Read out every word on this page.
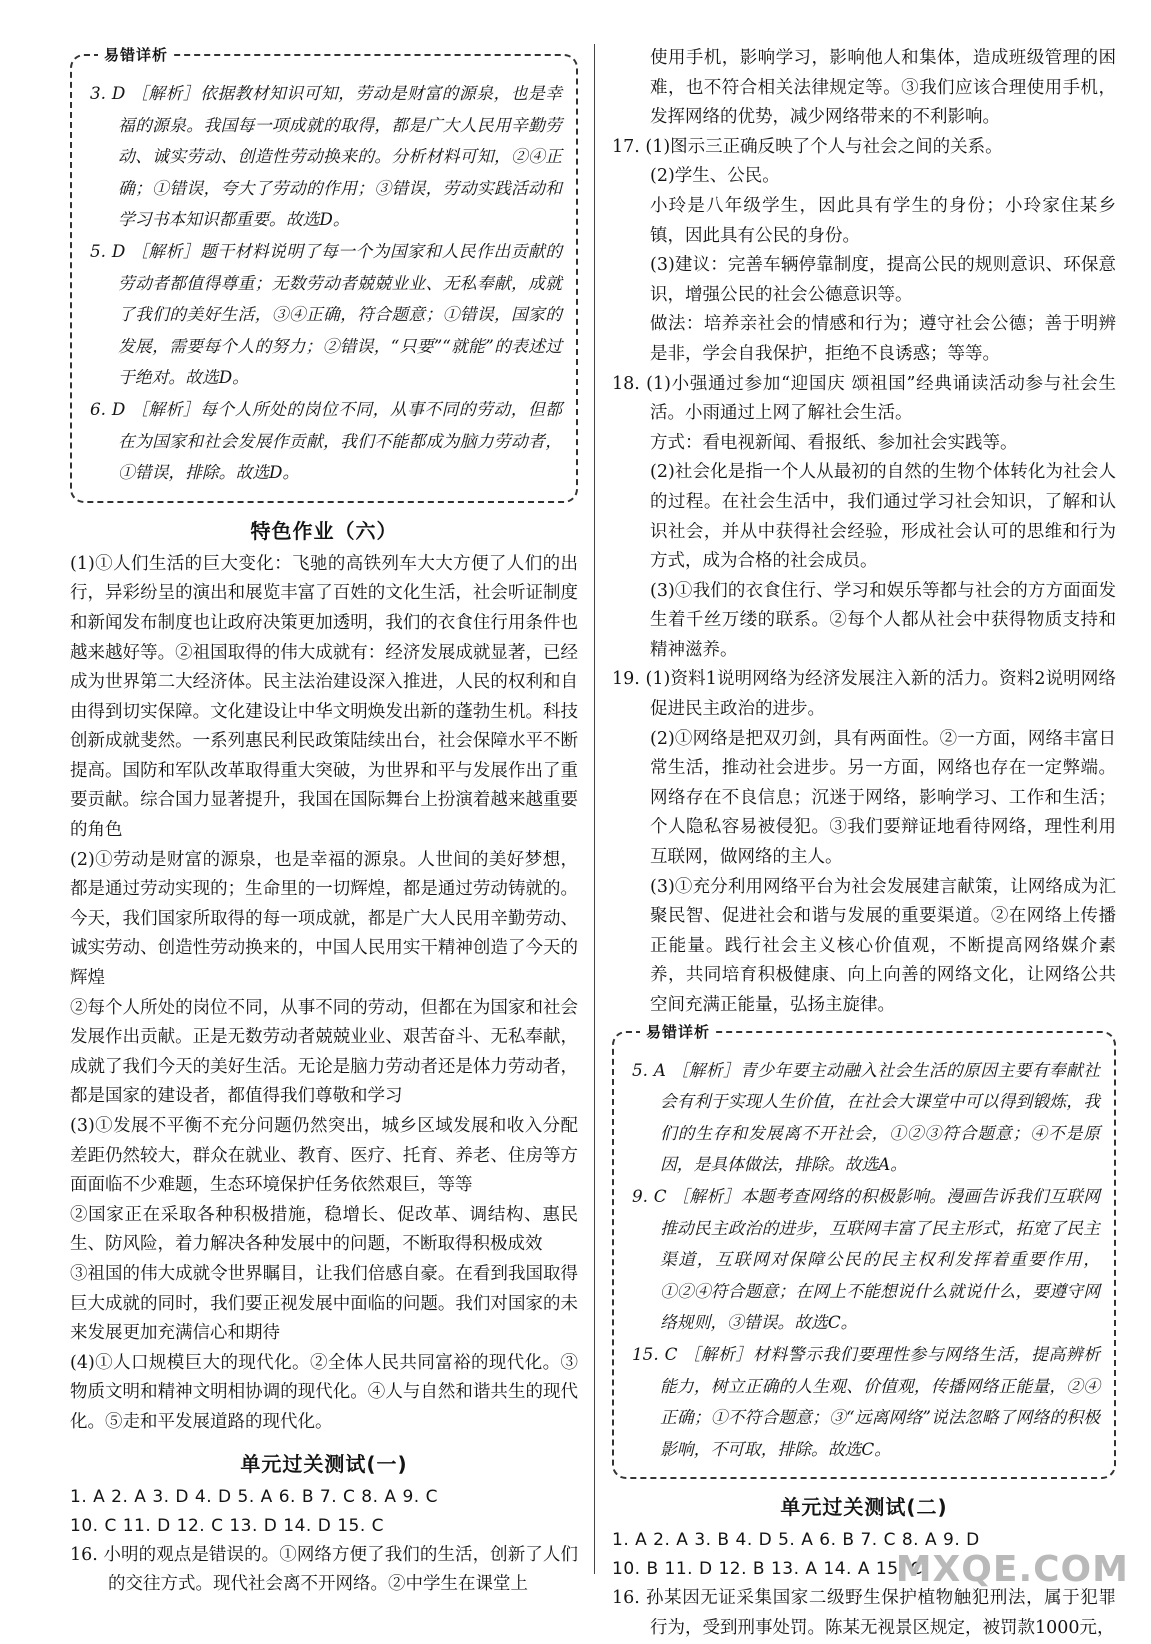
易错详析

3. D ［解析］依据教材知识可知，劳动是财富的源泉，也是幸福的源泉。我国每一项成就的取得，都是广大人民用辛勤劳动、诚实劳动、创造性劳动换来的。分析材料可知，②④正确；①错误，夸大了劳动的作用；③错误，劳动实践活动和学习书本知识都重要。故选D。

5. D ［解析］题干材料说明了每一个为国家和人民作出贡献的劳动者都值得尊重；无数劳动者兢兢业业、无私奉献，成就了我们的美好生活，③④正确，符合题意；①错误，国家的发展，需要每个人的努力；②错误，“只要”“就能”的表述过于绝对。故选D。

6. D ［解析］每个人所处的岗位不同，从事不同的劳动，但都在为国家和社会发展作贡献，我们不能都成为脑力劳动者，①错误，排除。故选D。

特色作业（六）

(1)①人们生活的巨大变化：飞驰的高铁列车大大方便了人们的出行，异彩纷呈的演出和展览丰富了百姓的文化生活，社会听证制度和新闻发布制度也让政府决策更加透明，我们的衣食住行用条件也越来越好等。②祖国取得的伟大成就有：经济发展成就显著，已经成为世界第二大经济体。民主法治建设深入推进，人民的权利和自由得到切实保障。文化建设让中华文明焕发出新的蓬勃生机。科技创新成就斐然。一系列惠民利民政策陆续出台，社会保障水平不断提高。国防和军队改革取得重大突破，为世界和平与发展作出了重要贡献。综合国力显著提升，我国在国际舞台上扮演着越来越重要的角色

(2)①劳动是财富的源泉，也是幸福的源泉。人世间的美好梦想，都是通过劳动实现的；生命里的一切辉煌，都是通过劳动铸就的。今天，我们国家所取得的每一项成就，都是广大人民用辛勤劳动、诚实劳动、创造性劳动换来的，中国人民用实干精神创造了今天的辉煌

②每个人所处的岗位不同，从事不同的劳动，但都在为国家和社会发展作出贡献。正是无数劳动者兢兢业业、艰苦奋斗、无私奉献，成就了我们今天的美好生活。无论是脑力劳动者还是体力劳动者，都是国家的建设者，都值得我们尊敬和学习

(3)①发展不平衡不充分问题仍然突出，城乡区域发展和收入分配差距仍然较大，群众在就业、教育、医疗、托育、养老、住房等方面面临不少难题，生态环境保护任务依然艰巨，等等

②国家正在采取各种积极措施，稳增长、促改革、调结构、惠民生、防风险，着力解决各种发展中的问题，不断取得积极成效

③祖国的伟大成就令世界瞩目，让我们倍感自豪。在看到我国取得巨大成就的同时，我们要正视发展中面临的问题。我们对国家的未来发展更加充满信心和期待

(4)①人口规模巨大的现代化。②全体人民共同富裕的现代化。③物质文明和精神文明相协调的现代化。④人与自然和谐共生的现代化。⑤走和平发展道路的现代化。

单元过关测试(一)

1. A 2. A 3. D 4. D 5. A 6. B 7. C 8. A 9. C

10. C 11. D 12. C 13. D 14. D 15. C

16. 小明的观点是错误的。①网络方便了我们的生活，创新了人们的交往方式。现代社会离不开网络。②中学生在课堂上

使用手机，影响学习，影响他人和集体，造成班级管理的困难，也不符合相关法律规定等。③我们应该合理使用手机，发挥网络的优势，减少网络带来的不利影响。

17. (1)图示三正确反映了个人与社会之间的关系。

(2)学生、公民。

小玲是八年级学生，因此具有学生的身份；小玲家住某乡镇，因此具有公民的身份。

(3)建议：完善车辆停靠制度，提高公民的规则意识、环保意识，增强公民的社会公德意识等。

做法：培养亲社会的情感和行为；遵守社会公德；善于明辨是非，学会自我保护，拒绝不良诱惑；等等。

18. (1)小强通过参加“迎国庆 颂祖国”经典诵读活动参与社会生活。小雨通过上网了解社会生活。

方式：看电视新闻、看报纸、参加社会实践等。

(2)社会化是指一个人从最初的自然的生物个体转化为社会人的过程。在社会生活中，我们通过学习社会知识，了解和认识社会，并从中获得社会经验，形成社会认可的思维和行为方式，成为合格的社会成员。

(3)①我们的衣食住行、学习和娱乐等都与社会的方方面面发生着千丝万缕的联系。②每个人都从社会中获得物质支持和精神滋养。

19. (1)资料1说明网络为经济发展注入新的活力。资料2说明网络促进民主政治的进步。

(2)①网络是把双刃剑，具有两面性。②一方面，网络丰富日常生活，推动社会进步。另一方面，网络也存在一定弊端。网络存在不良信息；沉迷于网络，影响学习、工作和生活；个人隐私容易被侵犯。③我们要辩证地看待网络，理性利用互联网，做网络的主人。

(3)①充分利用网络平台为社会发展建言献策，让网络成为汇聚民智、促进社会和谐与发展的重要渠道。②在网络上传播正能量。践行社会主义核心价值观，不断提高网络媒介素养，共同培育积极健康、向上向善的网络文化，让网络公共空间充满正能量，弘扬主旋律。

易错详析

5. A ［解析］青少年要主动融入社会生活的原因主要有奉献社会有利于实现人生价值，在社会大课堂中可以得到锻炼，我们的生存和发展离不开社会，①②③符合题意；④不是原因，是具体做法，排除。故选A。

9. C ［解析］本题考查网络的积极影响。漫画告诉我们互联网推动民主政治的进步，互联网丰富了民主形式，拓宽了民主渠道，互联网对保障公民的民主权利发挥着重要作用，①②④符合题意；在网上不能想说什么就说什么，要遵守网络规则，③错误。故选C。

15. C ［解析］材料警示我们要理性参与网络生活，提高辨析能力，树立正确的人生观、价值观，传播网络正能量，②④正确；①不符合题意；③“远离网络”说法忽略了网络的积极影响，不可取，排除。故选C。

单元过关测试(二)

1. A 2. A 3. B 4. D 5. A 6. B 7. C 8. A 9. D

10. B 11. D 12. B 13. A 14. A 15. C

16. 孙某因无证采集国家二级野生保护植物触犯刑法，属于犯罪行为，受到刑事处罚。陈某无视景区规定，被罚款1000元，

MXQE.COM
